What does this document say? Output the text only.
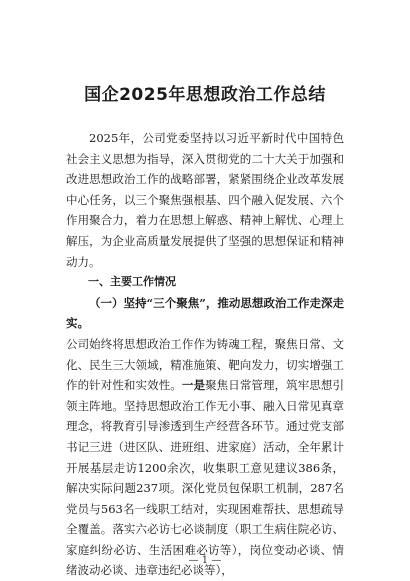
国企2025年思想政治工作总结

2025年，公司党委坚持以习近平新时代中国特色社会主义思想为指导，深入贯彻党的二十大关于加强和改进思想政治工作的战略部署，紧紧围绕企业改革发展中心任务，以三个聚焦强根基、四个融入促发展、六个作用聚合力，着力在思想上解惑、精神上解忧、心理上解压，为企业高质量发展提供了坚强的思想保证和精神动力。

一、主要工作情况

（一）坚持“三个聚焦”，推动思想政治工作走深走实。

公司始终将思想政治工作作为铸魂工程，聚焦日常、文化、民生三大领域，精准施策、靶向发力，切实增强工作的针对性和实效性。一是聚焦日常管理，筑牢思想引领主阵地。坚持思想政治工作无小事、融入日常见真章理念，将教育引导渗透到生产经营各环节。通过党支部书记三进（进区队、进班组、进家庭）活动，全年累计开展基层走访1200余次，收集职工意见建议386条，解决实际问题237项。深化党员包保职工机制，287名党员与563名一线职工结对，实现困难帮扶、思想疏导全覆盖。落实六必访七必谈制度（职工生病住院必访、家庭纠纷必访、生活困难必访等），岗位变动必谈、情绪波动必谈、违章违纪必谈等），

— 1 —
